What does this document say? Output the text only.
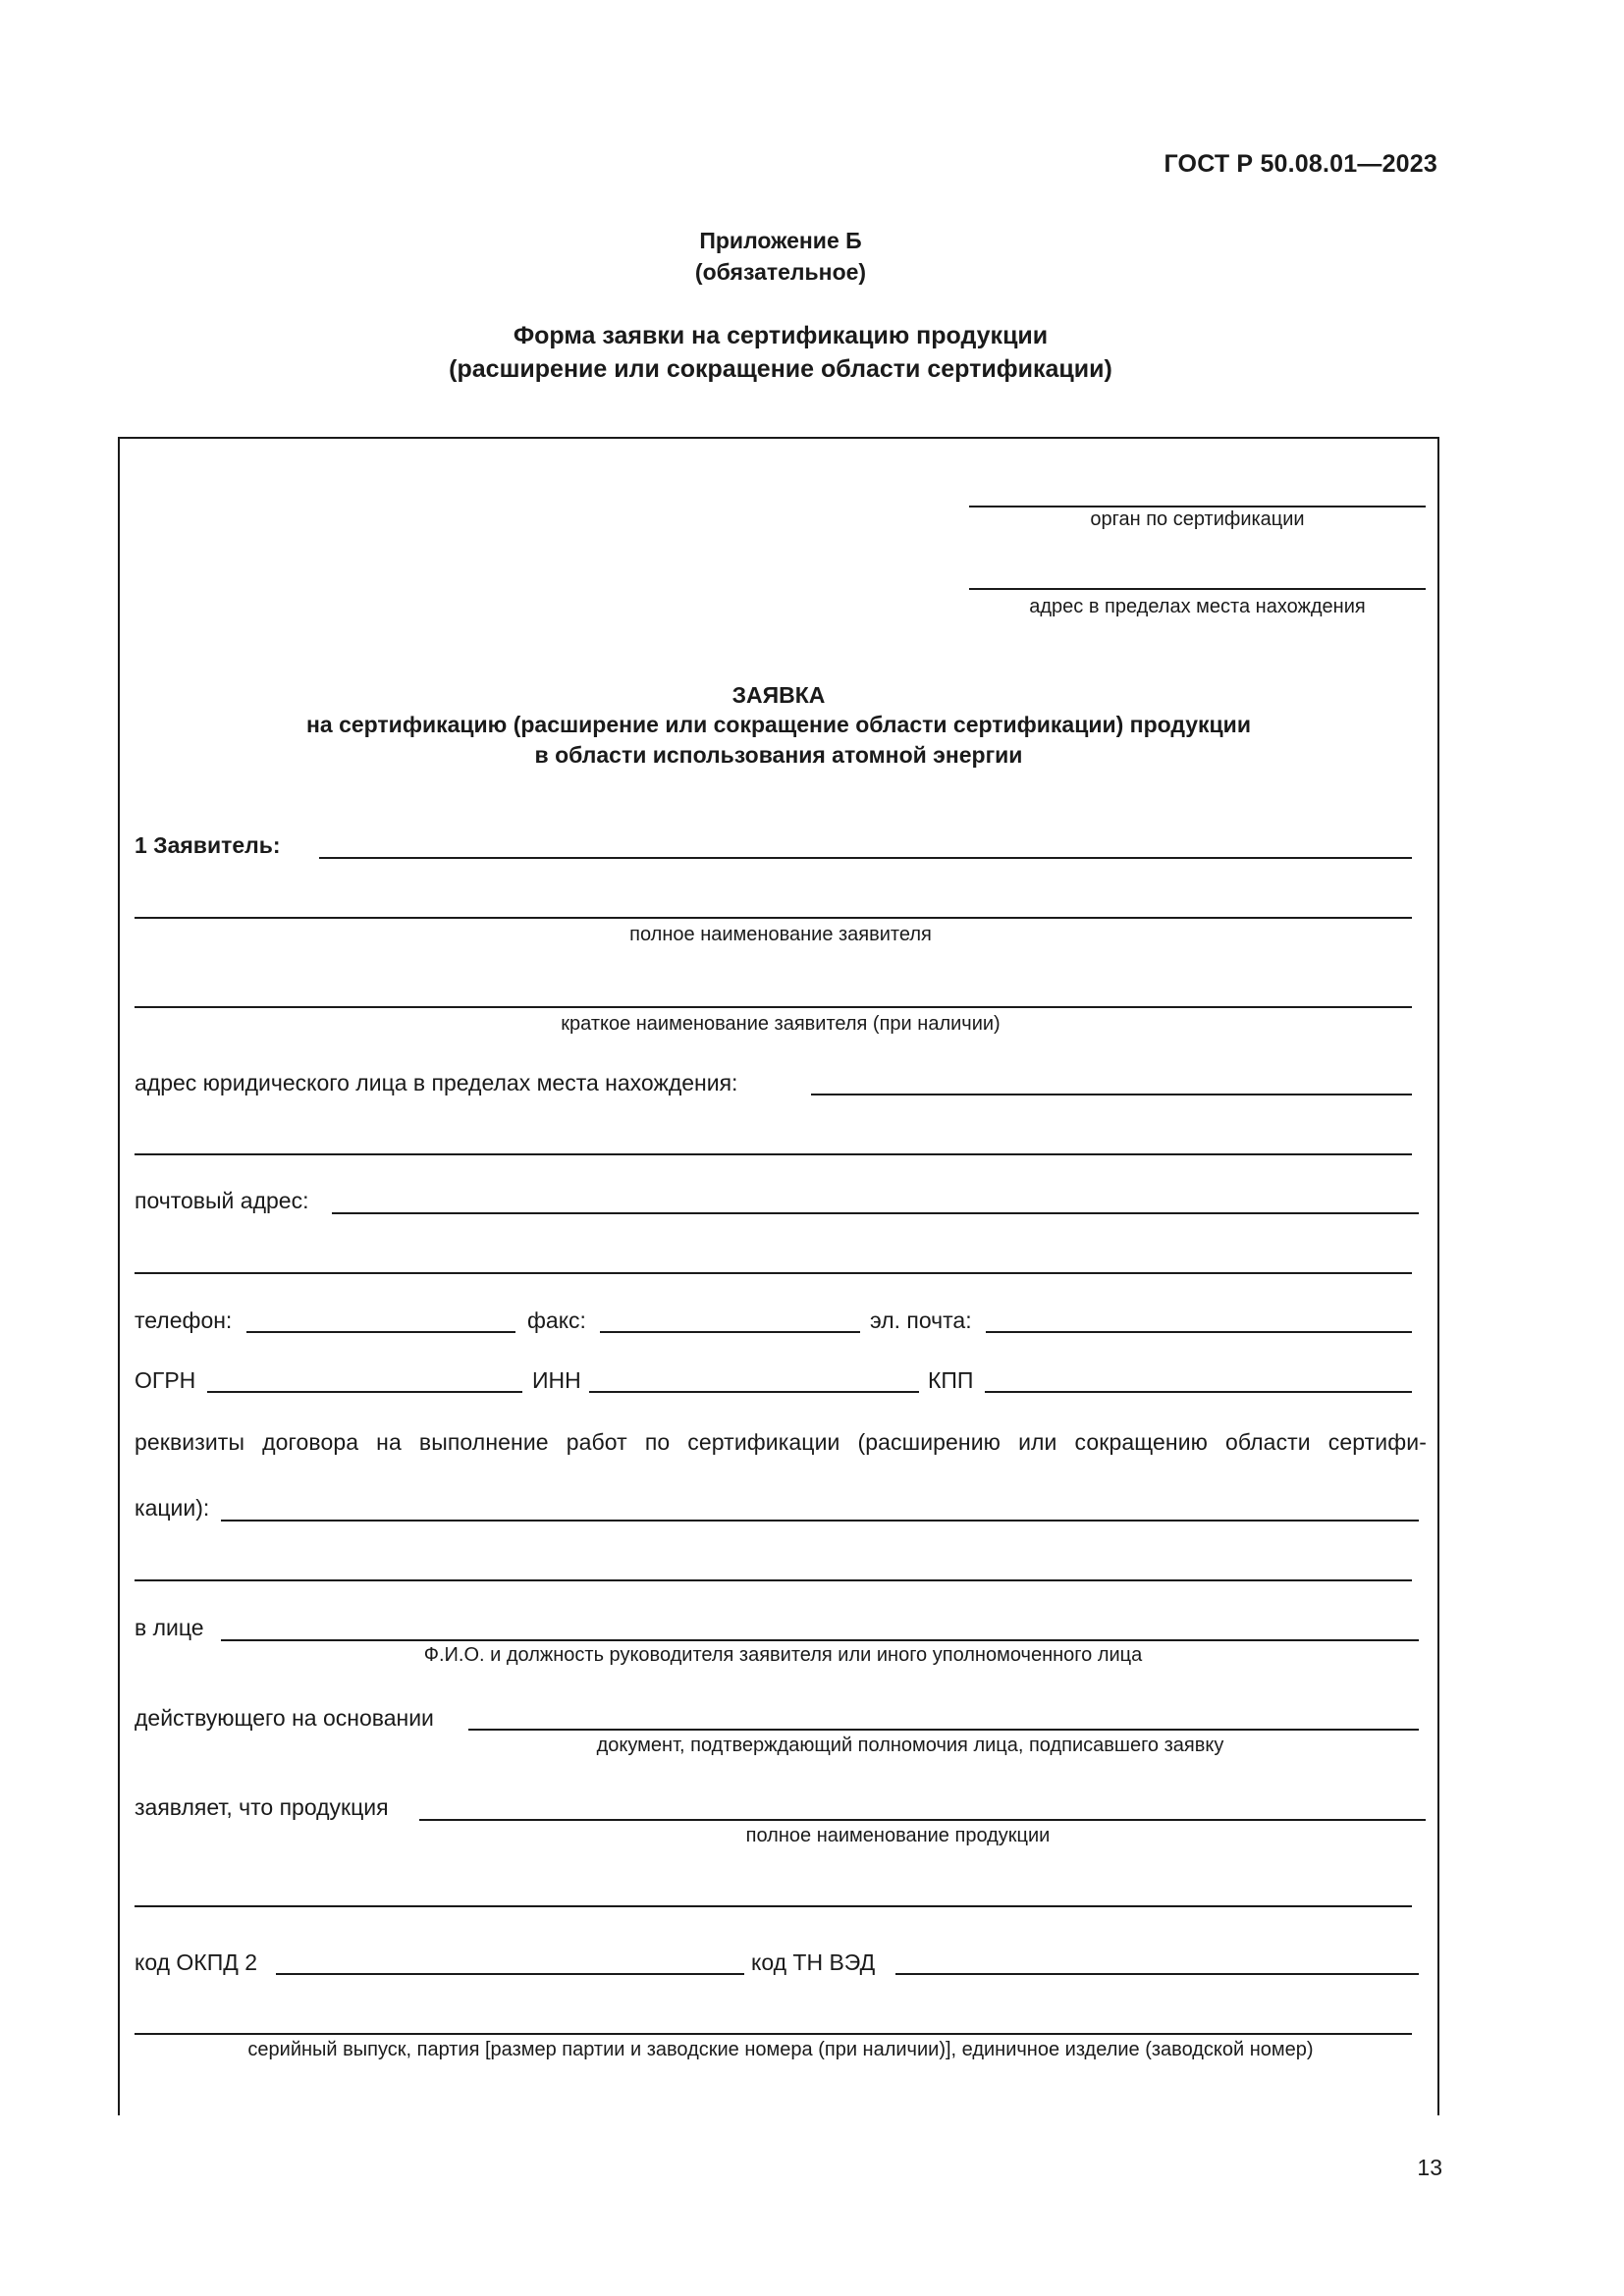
ГОСТ Р 50.08.01—2023
Приложение Б
(обязательное)
Форма заявки на сертификацию продукции
(расширение или сокращение области сертификации)
орган по сертификации
адрес в пределах места нахождения
ЗАЯВКА
на сертификацию (расширение или сокращение области сертификации) продукции
в области использования атомной энергии
1 Заявитель:
полное наименование заявителя
краткое наименование заявителя (при наличии)
адрес юридического лица в пределах места нахождения:
почтовый адрес:
телефон:	факс:	эл. почта:
ОГРН	ИНН	КПП
реквизиты договора на выполнение работ по сертификации (расширению или сокращению области сертифи-
кации):
в лице
Ф.И.О. и должность руководителя заявителя или иного уполномоченного лица
действующего на основании
документ, подтверждающий полномочия лица, подписавшего заявку
заявляет, что продукция
полное наименование продукции
код ОКПД 2	код ТН ВЭД
серийный выпуск, партия [размер партии и заводские номера (при наличии)], единичное изделие (заводской номер)
13
